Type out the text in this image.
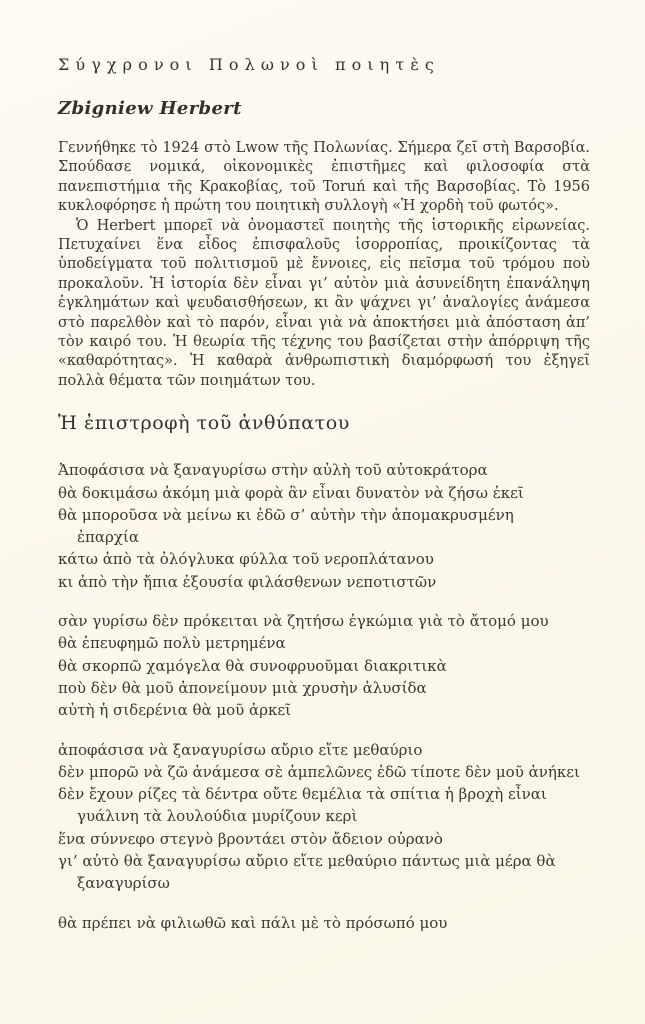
Σύγχρονοι Πολωνοὶ ποιητὲς
Zbigniew Herbert

Γεννήθηκε τὸ 1924 στὸ Lwow τῆς Πολωνίας. Σήμερα ζεῖ στὴ Βαρσοβία. Σπούδασε νομικά, οἰκονομικὲς ἐπιστῆμες καὶ φιλοσοφία στὰ πανεπιστήμια τῆς Κρακοβίας, τοῦ Toruń καὶ τῆς Βαρσοβίας. Τὸ 1956 κυκλοφόρησε ἡ πρώτη του ποιητικὴ συλλογὴ «Ἡ χορδὴ τοῦ φωτός».

Ὁ Herbert μπορεῖ νὰ ὀνομαστεῖ ποιητὴς τῆς ἱστορικῆς εἰρωνείας. Πετυχαίνει ἕνα εἶδος ἐπισφαλοῦς ἰσορροπίας, προικίζοντας τὰ ὑποδείγματα τοῦ πολιτισμοῦ μὲ ἔννοιες, εἰς πεῖσμα τοῦ τρόμου ποὺ προκαλοῦν. Ἡ ἱστορία δὲν εἶναι γι’ αὐτὸν μιὰ ἀσυνείδητη ἐπανάληψη ἐγκλημάτων καὶ ψευδαισθήσεων, κι ἂν ψάχνει γι’ ἀναλογίες ἀνάμεσα στὸ παρελθὸν καὶ τὸ παρόν, εἶναι γιὰ νὰ ἀποκτήσει μιὰ ἀπόσταση ἀπ’ τὸν καιρό του. Ἡ θεωρία τῆς τέχνης του βασίζεται στὴν ἀπόρριψη τῆς «καθαρότητας». Ἡ καθαρὰ ἀνθρωπιστικὴ διαμόρφωσή του ἐξηγεῖ πολλὰ θέματα τῶν ποιημάτων του.

Ἡ ἐπιστροφὴ τοῦ ἀνθύπατου
Ἀποφάσισα νὰ ξαναγυρίσω στὴν αὐλὴ τοῦ αὐτοκράτορα
θὰ δοκιμάσω ἀκόμη μιὰ φορὰ ἂν εἶναι δυνατὸν νὰ ζήσω ἐκεῖ
θὰ μποροῦσα νὰ μείνω κι ἐδῶ σ’ αὐτὴν τὴν ἀπομακρυσμένη
ἐπαρχία
κάτω ἀπὸ τὰ ὁλόγλυκα φύλλα τοῦ νεροπλάτανου
κι ἀπὸ τὴν ἤπια ἐξουσία φιλάσθενων νεποτιστῶν
σὰν γυρίσω δὲν πρόκειται νὰ ζητήσω ἐγκώμια γιὰ τὸ ἄτομό μου
θὰ ἐπευφημῶ πολὺ μετρημένα
θὰ σκορπῶ χαμόγελα θὰ συνοφρυοῦμαι διακριτικὰ
ποὺ δὲν θὰ μοῦ ἀπονείμουν μιὰ χρυσὴν ἁλυσίδα
αὐτὴ ἡ σιδερένια θὰ μοῦ ἀρκεῖ
ἀποφάσισα νὰ ξαναγυρίσω αὔριο εἴτε μεθαύριο
δὲν μπορῶ νὰ ζῶ ἀνάμεσα σὲ ἀμπελῶνες ἐδῶ τίποτε δὲν μοῦ ἀνήκει
δὲν ἔχουν ρίζες τὰ δέντρα οὔτε θεμέλια τὰ σπίτια ἡ βροχὴ εἶναι
γυάλινη τὰ λουλούδια μυρίζουν κερὶ
ἕνα σύννεφο στεγνὸ βροντάει στὸν ἄδειον οὐρανὸ
γι’ αὐτὸ θὰ ξαναγυρίσω αὔριο εἴτε μεθαύριο πάντως μιὰ μέρα θὰ
ξαναγυρίσω
θὰ πρέπει νὰ φιλιωθῶ καὶ πάλι μὲ τὸ πρόσωπό μου
